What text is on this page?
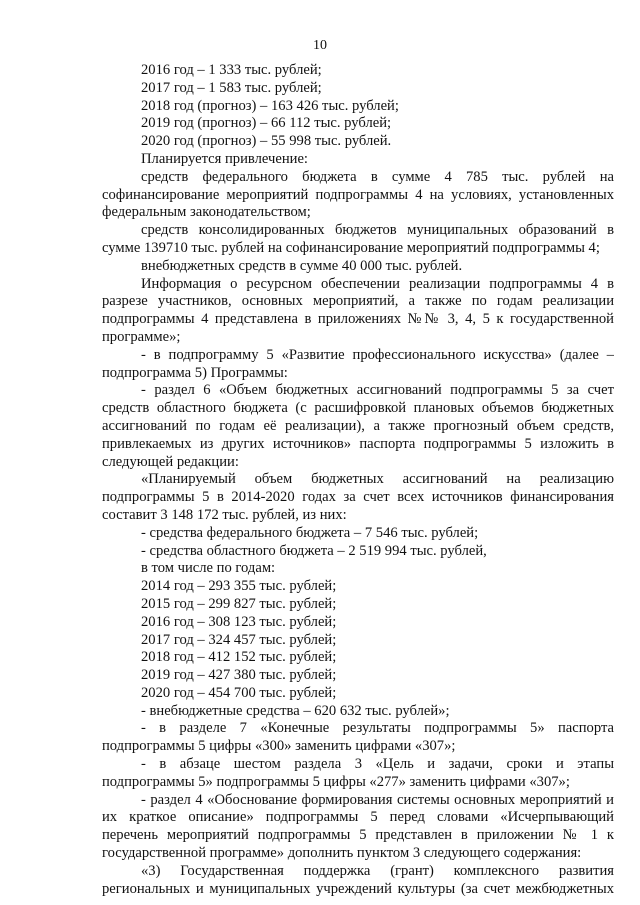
10
2016 год – 1 333 тыс. рублей;
2017 год – 1 583 тыс. рублей;
2018 год (прогноз) – 163 426 тыс. рублей;
2019 год (прогноз) – 66 112 тыс. рублей;
2020 год (прогноз) – 55 998 тыс. рублей.
Планируется привлечение:
средств федерального бюджета в сумме 4 785 тыс. рублей на
софинансирование мероприятий подпрограммы 4 на условиях, установленных
федеральным законодательством;
средств консолидированных бюджетов муниципальных образований в
сумме 139710 тыс. рублей на софинансирование мероприятий подпрограммы 4;
внебюджетных средств в сумме 40 000 тыс. рублей.
Информация о ресурсном обеспечении реализации подпрограммы 4 в
разрезе участников, основных мероприятий, а также по годам реализации
подпрограммы 4 представлена в приложениях №№ 3, 4, 5 к государственной
программе»;
- в подпрограмму 5 «Развитие профессионального искусства» (далее –
подпрограмма 5) Программы:
- раздел 6 «Объем бюджетных ассигнований подпрограммы 5 за счет
средств областного бюджета (с расшифровкой плановых объемов бюджетных
ассигнований по годам её реализации), а также прогнозный объем средств,
привлекаемых из других источников» паспорта подпрограммы 5 изложить в
следующей редакции:
«Планируемый объем бюджетных ассигнований на реализацию
подпрограммы 5 в 2014-2020 годах за счет всех источников финансирования
составит 3 148 172 тыс. рублей, из них:
- средства федерального бюджета – 7 546 тыс. рублей;
- средства областного бюджета – 2 519 994 тыс. рублей,
в том числе по годам:
2014 год – 293 355 тыс. рублей;
2015 год – 299 827 тыс. рублей;
2016 год – 308 123 тыс. рублей;
2017 год – 324 457 тыс. рублей;
2018 год – 412 152 тыс. рублей;
2019 год – 427 380 тыс. рублей;
2020 год – 454 700 тыс. рублей;
- внебюджетные средства – 620 632 тыс. рублей»;
- в разделе 7 «Конечные результаты подпрограммы 5» паспорта
подпрограммы 5 цифры «300» заменить цифрами «307»;
- в абзаце шестом раздела 3 «Цель и задачи, сроки и этапы
подпрограммы 5» подпрограммы 5 цифры «277» заменить цифрами «307»;
- раздел 4 «Обоснование формирования системы основных мероприятий и
их краткое описание» подпрограммы 5 перед словами «Исчерпывающий
перечень мероприятий подпрограммы 5 представлен в приложении № 1 к
государственной программе» дополнить пунктом 3 следующего содержания:
«3) Государственная поддержка (грант) комплексного развития
региональных и муниципальных учреждений культуры (за счет межбюджетных
